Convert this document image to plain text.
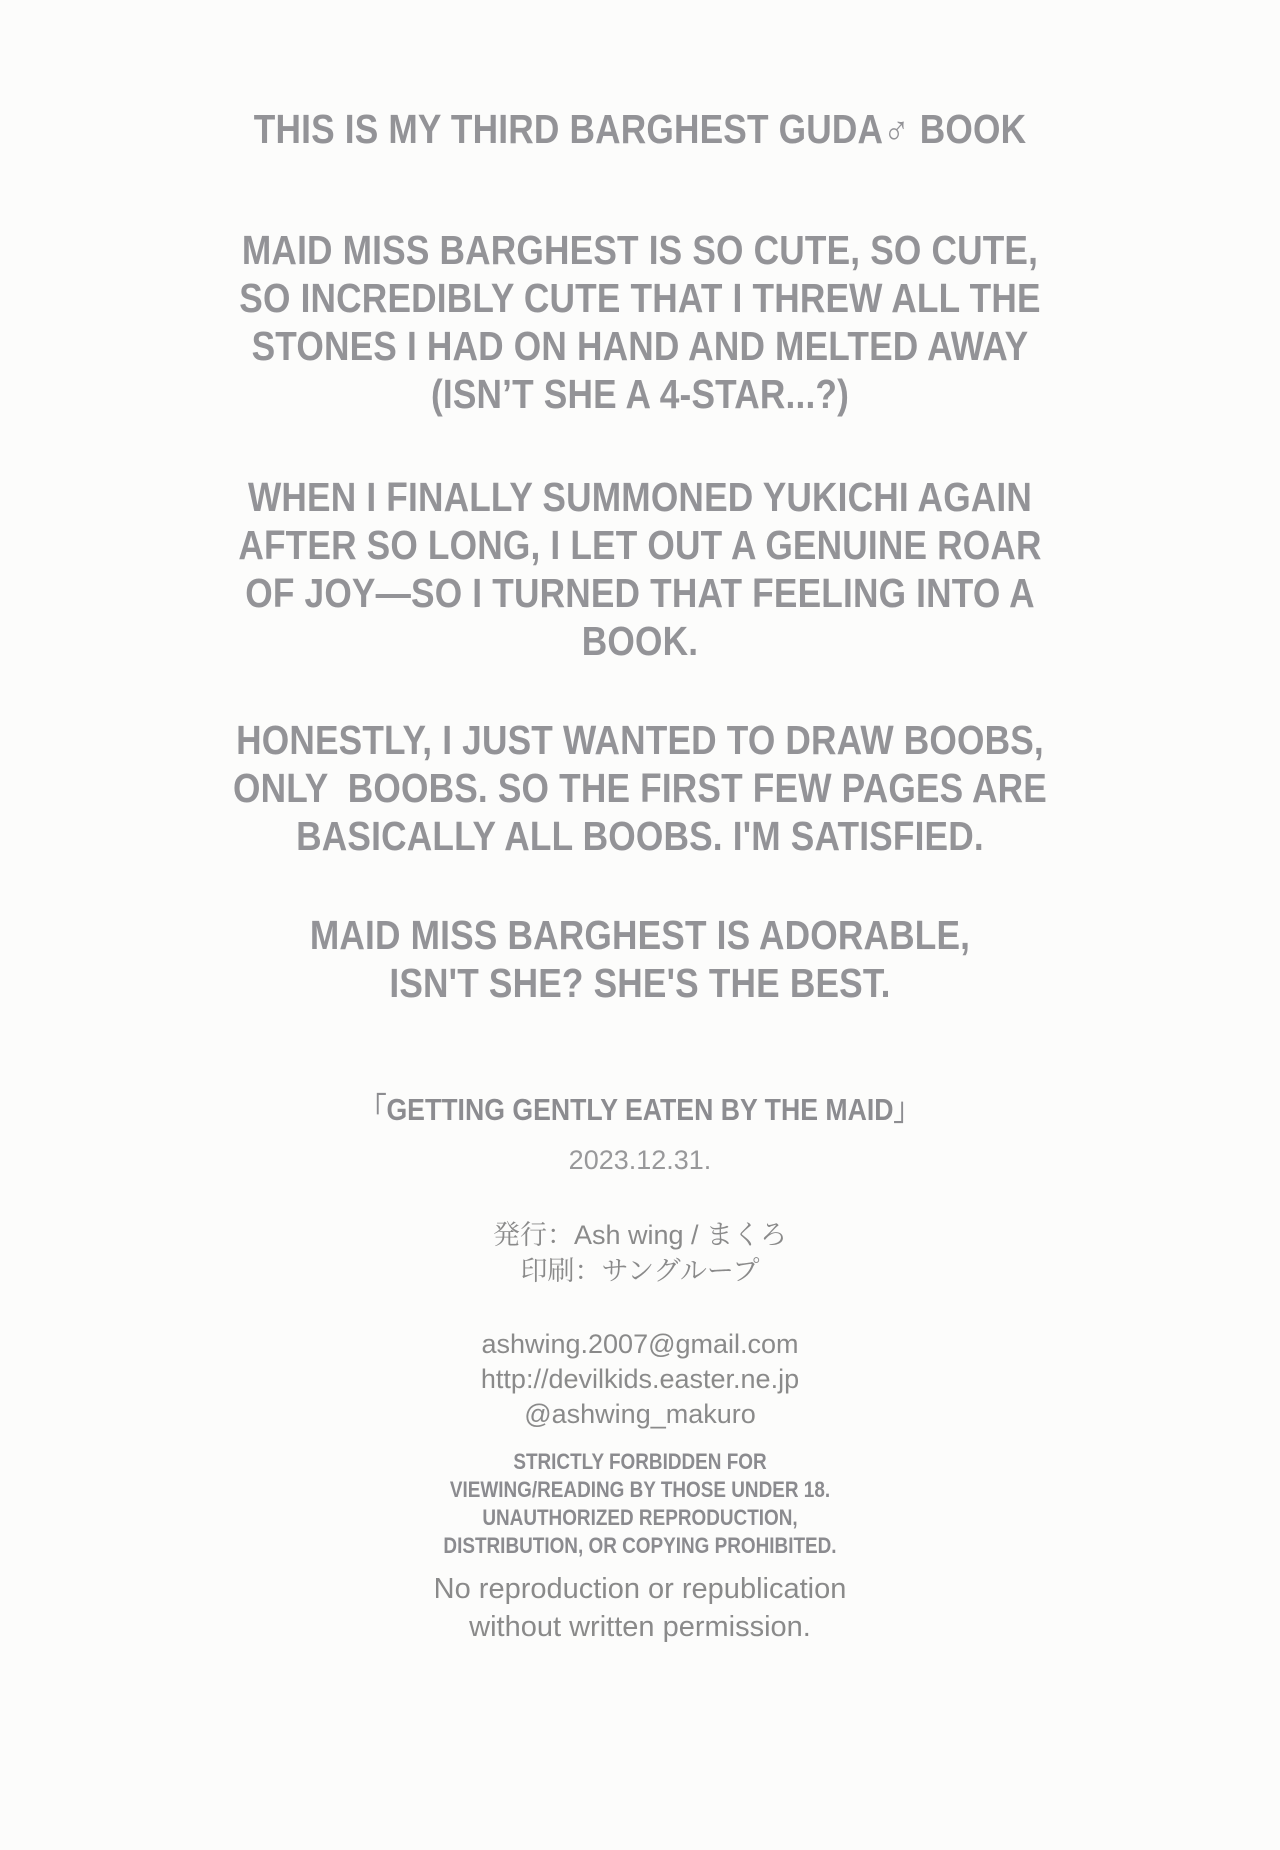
THIS IS MY THIRD BARGHEST GUDA♂ BOOK
MAID MISS BARGHEST IS SO CUTE, SO CUTE,
SO INCREDIBLY CUTE THAT I THREW ALL THE
STONES I HAD ON HAND AND MELTED AWAY
(ISN’T SHE A 4-STAR...?)
WHEN I FINALLY SUMMONED YUKICHI AGAIN
AFTER SO LONG, I LET OUT A GENUINE ROAR
OF JOY—SO I TURNED THAT FEELING INTO A
BOOK.
HONESTLY, I JUST WANTED TO DRAW BOOBS,
ONLY  BOOBS. SO THE FIRST FEW PAGES ARE
BASICALLY ALL BOOBS. I'M SATISFIED.
MAID MISS BARGHEST IS ADORABLE,
ISN'T SHE? SHE'S THE BEST.
「GETTING GENTLY EATEN BY THE MAID」
2023.12.31.
発行：Ash wing / まくろ
印刷：サングループ
ashwing.2007@gmail.com
http://devilkids.easter.ne.jp
@ashwing_makuro
STRICTLY FORBIDDEN FOR
VIEWING/READING BY THOSE UNDER 18.
UNAUTHORIZED REPRODUCTION,
DISTRIBUTION, OR COPYING PROHIBITED.
No reproduction or republication
without written permission.
